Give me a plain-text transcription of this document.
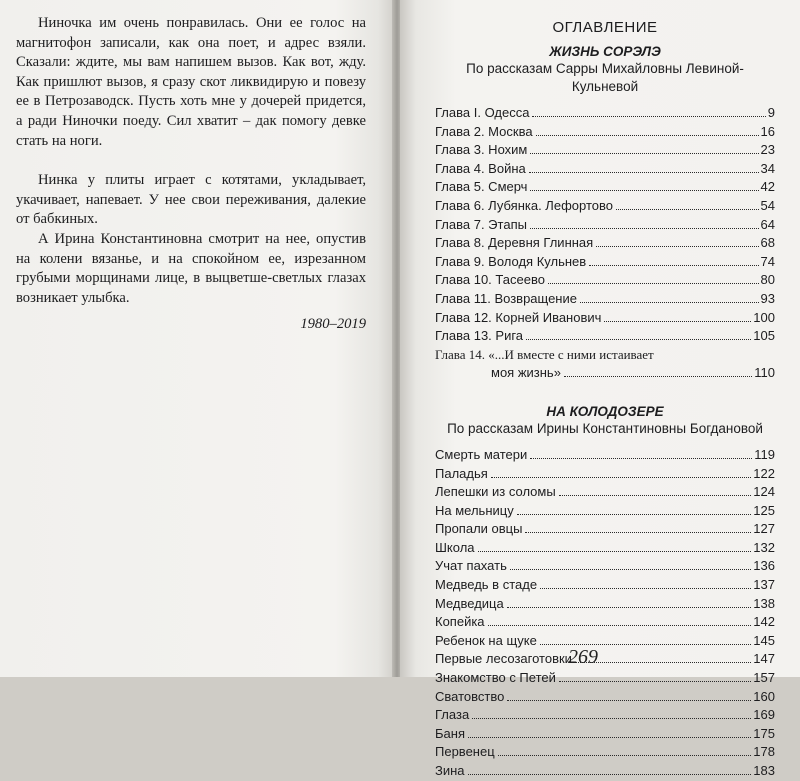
Ниночка им очень понравилась. Они ее голос на магнитофон записали, как она поет, и адрес взяли. Сказали: ждите, мы вам напишем вызов. Как вот, жду. Как пришлют вызов, я сразу скот ликвидирую и повезу ее в Петрозаводск. Пусть хоть мне у дочерей придется, а ради Ниночки поеду. Сил хватит – дак помогу девке стать на ноги.

Нинка у плиты играет с котятами, укладывает, укачивает, напевает. У нее свои переживания, далекие от бабкиных.

А Ирина Константиновна смотрит на нее, опустив на колени вязанье, и на спокойном ее, изрезанном грубыми морщинами лице, в выцветше-светлых глазах возникает улыбка.

1980–2019

ОГЛАВЛЕНИЕ
ЖИЗНЬ СОРЭЛЭ
По рассказам Сарры Михайловны Левиной-Кульневой
Глава I. Одесса	9
Глава 2. Москва	16
Глава 3. Нохим	23
Глава 4. Война	34
Глава 5. Смерч	42
Глава 6. Лубянка. Лефортово	54
Глава 7. Этапы	64
Глава 8. Деревня Глинная	68
Глава 9. Володя Кульнев	74
Глава 10. Тасеево	80
Глава 11. Возвращение	93
Глава 12. Корней Иванович	100
Глава 13. Рига	105
Глава 14. «...И вместе с ними истаивает
моя жизнь»	110
НА КОЛОДОЗЕРЕ
По рассказам Ирины Константиновны Богдановой
Смерть матери	119
Паладья	122
Лепешки из соломы	124
На мельницу	125
Пропали овцы	127
Школа	132
Учат пахать	136
Медведь в стаде	137
Медведица	138
Копейка	142
Ребенок на щуке	145
Первые лесозаготовки	147
Знакомство с Петей	157
Сватовство	160
Глаза	169
Баня	175
Первенец	178
Зина	183
269
